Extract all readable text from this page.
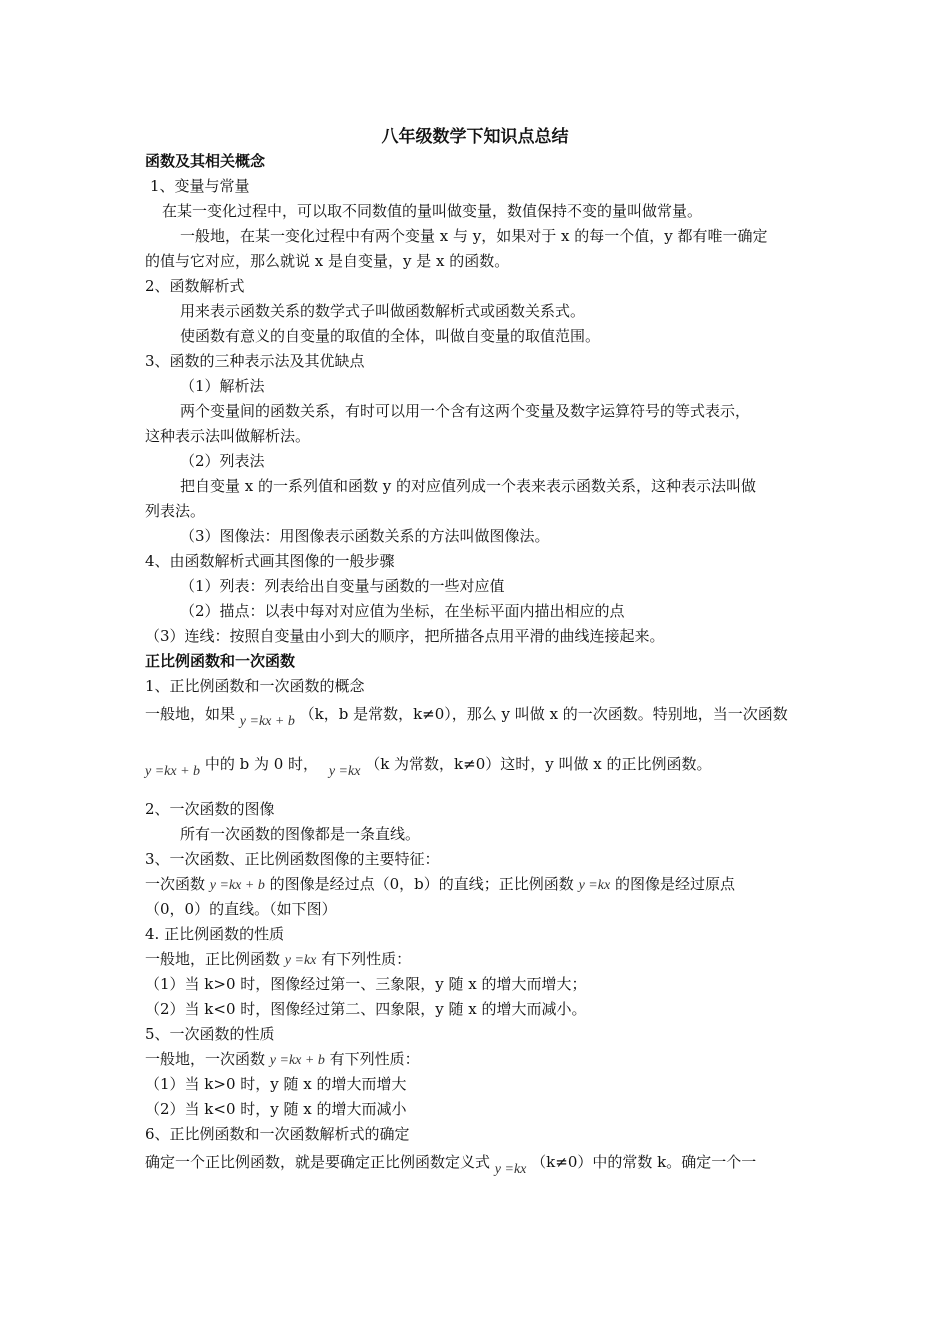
八年级数学下知识点总结
函数及其相关概念
1、变量与常量
在某一变化过程中，可以取不同数值的量叫做变量，数值保持不变的量叫做常量。
一般地，在某一变化过程中有两个变量 x 与 y，如果对于 x 的每一个值，y 都有唯一确定
的值与它对应，那么就说 x 是自变量，y 是 x 的函数。
2、函数解析式
用来表示函数关系的数学式子叫做函数解析式或函数关系式。
使函数有意义的自变量的取值的全体，叫做自变量的取值范围。
3、函数的三种表示法及其优缺点
（1）解析法
两个变量间的函数关系，有时可以用一个含有这两个变量及数字运算符号的等式表示，
这种表示法叫做解析法。
（2）列表法
把自变量 x 的一系列值和函数 y 的对应值列成一个表来表示函数关系，这种表示法叫做
列表法。
（3）图像法：用图像表示函数关系的方法叫做图像法。
4、由函数解析式画其图像的一般步骤
（1）列表：列表给出自变量与函数的一些对应值
（2）描点：以表中每对对应值为坐标，在坐标平面内描出相应的点
（3）连线：按照自变量由小到大的顺序，把所描各点用平滑的曲线连接起来。
正比例函数和一次函数
1、正比例函数和一次函数的概念
一般地，如果 y =kx + b （k，b 是常数，k≠0），那么 y 叫做 x 的一次函数。特别地，当一次函数
y =kx + b 中的 b 为 0 时， y =kx （k 为常数，k≠0）这时，y 叫做 x 的正比例函数。
2、一次函数的图像
所有一次函数的图像都是一条直线。
3、一次函数、正比例函数图像的主要特征：
一次函数 y =kx + b 的图像是经过点（0，b）的直线；正比例函数 y =kx 的图像是经过原点
（0，0）的直线。（如下图）
4. 正比例函数的性质
一般地，正比例函数 y =kx 有下列性质：
（1）当 k>0 时，图像经过第一、三象限，y 随 x 的增大而增大；
（2）当 k<0 时，图像经过第二、四象限，y 随 x 的增大而减小。
5、一次函数的性质
一般地，一次函数 y =kx + b 有下列性质：
（1）当 k>0 时，y 随 x 的增大而增大
（2）当 k<0 时，y 随 x 的增大而减小
6、正比例函数和一次函数解析式的确定
确定一个正比例函数，就是要确定正比例函数定义式 y =kx （k≠0）中的常数 k。确定一个一
